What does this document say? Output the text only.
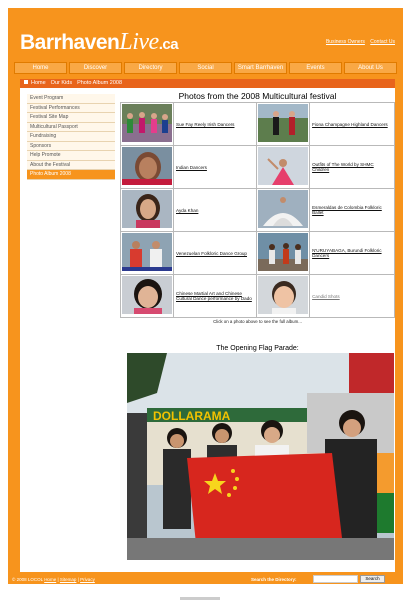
BarrhavenLive.ca	Business Owners Contact Us
Home	Discover	Directory	Social	Smart Barrhaven	Events	About Us
Home Our Kids Photo Album 2008
Event Program
Festival Performances
Festival Site Map
Multicultural Passport
Fundraising
Sponsors
Help Promote
About the Festival
Photo Album 2008
Photos from the 2008 Multicultural festival
	Sue Fay Reely Irish Dancers		Fiona Champagne Highland Dancers
	Indian Dancers		Outfits of The World by SHMC Children
	Ayda Khan		Esmeraldas de Colombia Folkloric Ballet
	Venezuelan Folkloric Dance Group		N'URUYABAGA, Burundi Folkloric Dancers
	Chinese Martial Art and Chinese Cultural Dance performance by Dado		Candid Shots
Click on a photo above to see the full album...
The Opening Flag Parade:
DOLLARAMA
© 2008 LOCOL Home | Sitemap | Privacy	Search the Directory:	Search
Click here to search the articles
